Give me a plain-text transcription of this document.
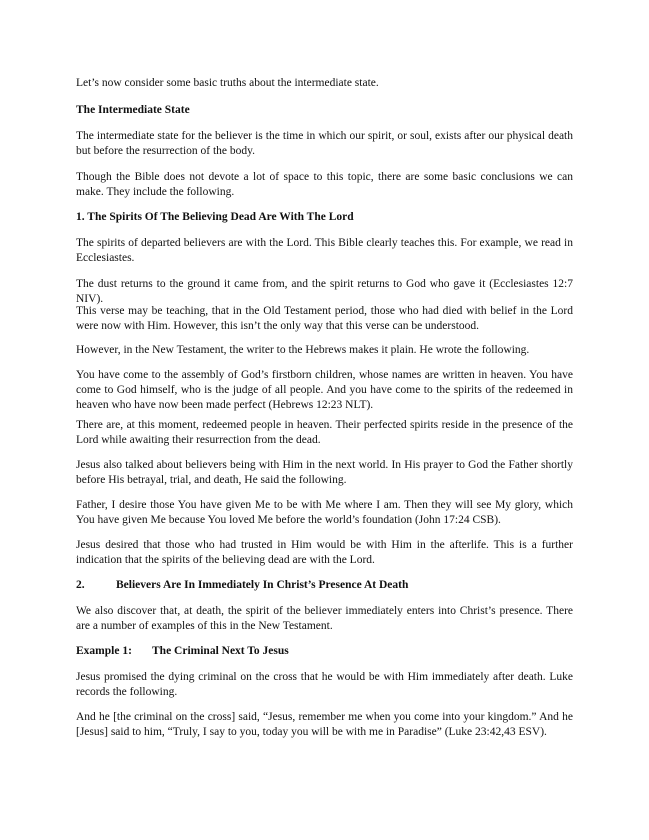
Let’s now consider some basic truths about the intermediate state.

The Intermediate State

The intermediate state for the believer is the time in which our spirit, or soul, exists after our physical death but before the resurrection of the body.

Though the Bible does not devote a lot of space to this topic, there are some basic conclusions we can make. They include the following.

1. The Spirits Of The Believing Dead Are With The Lord

The spirits of departed believers are with the Lord. This Bible clearly teaches this. For example, we read in Ecclesiastes.

The dust returns to the ground it came from, and the spirit returns to God who gave it (Ecclesiastes 12:7 NIV).

This verse may be teaching, that in the Old Testament period, those who had died with belief in the Lord were now with Him. However, this isn’t the only way that this verse can be understood.

However, in the New Testament, the writer to the Hebrews makes it plain. He wrote the following.

You have come to the assembly of God’s firstborn children, whose names are written in heaven. You have come to God himself, who is the judge of all people. And you have come to the spirits of the redeemed in heaven who have now been made perfect (Hebrews 12:23 NLT).

There are, at this moment, redeemed people in heaven. Their perfected spirits reside in the presence of the Lord while awaiting their resurrection from the dead.

Jesus also talked about believers being with Him in the next world. In His prayer to God the Father shortly before His betrayal, trial, and death, He said the following.

Father, I desire those You have given Me to be with Me where I am. Then they will see My glory, which You have given Me because You loved Me before the world’s foundation (John 17:24 CSB).

Jesus desired that those who had trusted in Him would be with Him in the afterlife. This is a further indication that the spirits of the believing dead are with the Lord.

2.	Believers Are In Immediately In Christ’s Presence At Death

We also discover that, at death, the spirit of the believer immediately enters into Christ’s presence. There are a number of examples of this in the New Testament.

Example 1: The Criminal Next To Jesus

Jesus promised the dying criminal on the cross that he would be with Him immediately after death. Luke records the following.

And he [the criminal on the cross] said, “Jesus, remember me when you come into your kingdom.” And he [Jesus] said to him, “Truly, I say to you, today you will be with me in Paradise” (Luke 23:42,43 ESV).
